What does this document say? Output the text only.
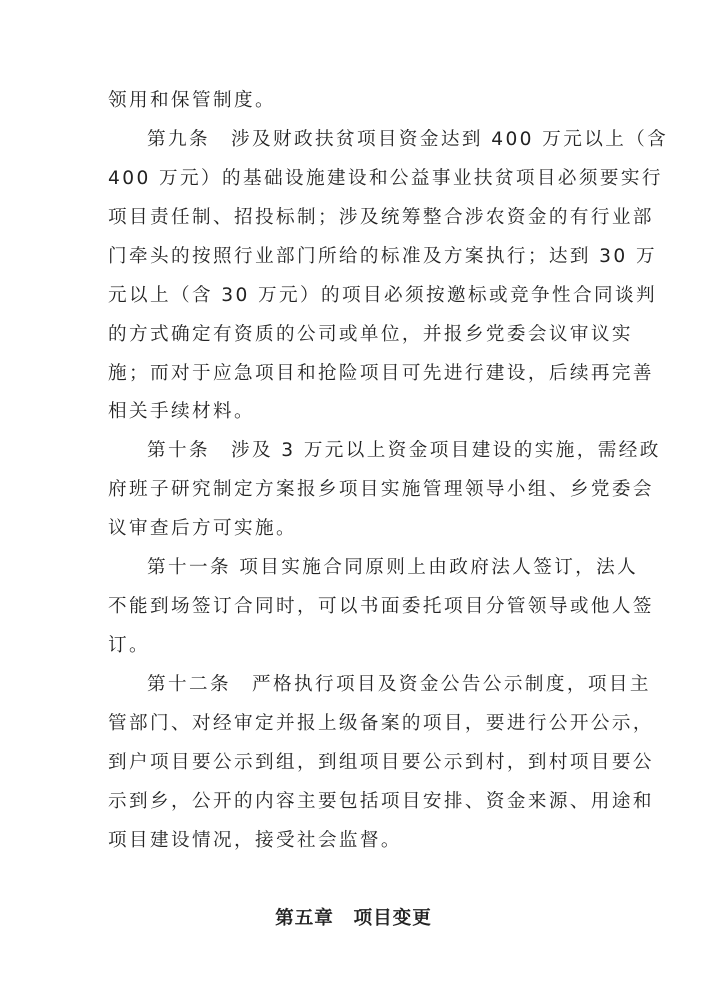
领用和保管制度。
第九条　涉及财政扶贫项目资金达到 400 万元以上（含
400 万元）的基础设施建设和公益事业扶贫项目必须要实行
项目责任制、招投标制；涉及统筹整合涉农资金的有行业部
门牵头的按照行业部门所给的标准及方案执行；达到 30 万
元以上（含 30 万元）的项目必须按邀标或竞争性合同谈判
的方式确定有资质的公司或单位，并报乡党委会议审议实
施；而对于应急项目和抢险项目可先进行建设，后续再完善
相关手续材料。
第十条　涉及 3 万元以上资金项目建设的实施，需经政
府班子研究制定方案报乡项目实施管理领导小组、乡党委会
议审查后方可实施。
第十一条 项目实施合同原则上由政府法人签订，法人
不能到场签订合同时，可以书面委托项目分管领导或他人签
订。
第十二条　严格执行项目及资金公告公示制度，项目主
管部门、对经审定并报上级备案的项目，要进行公开公示，
到户项目要公示到组，到组项目要公示到村，到村项目要公
示到乡，公开的内容主要包括项目安排、资金来源、用途和
项目建设情况，接受社会监督。
第五章　项目变更
